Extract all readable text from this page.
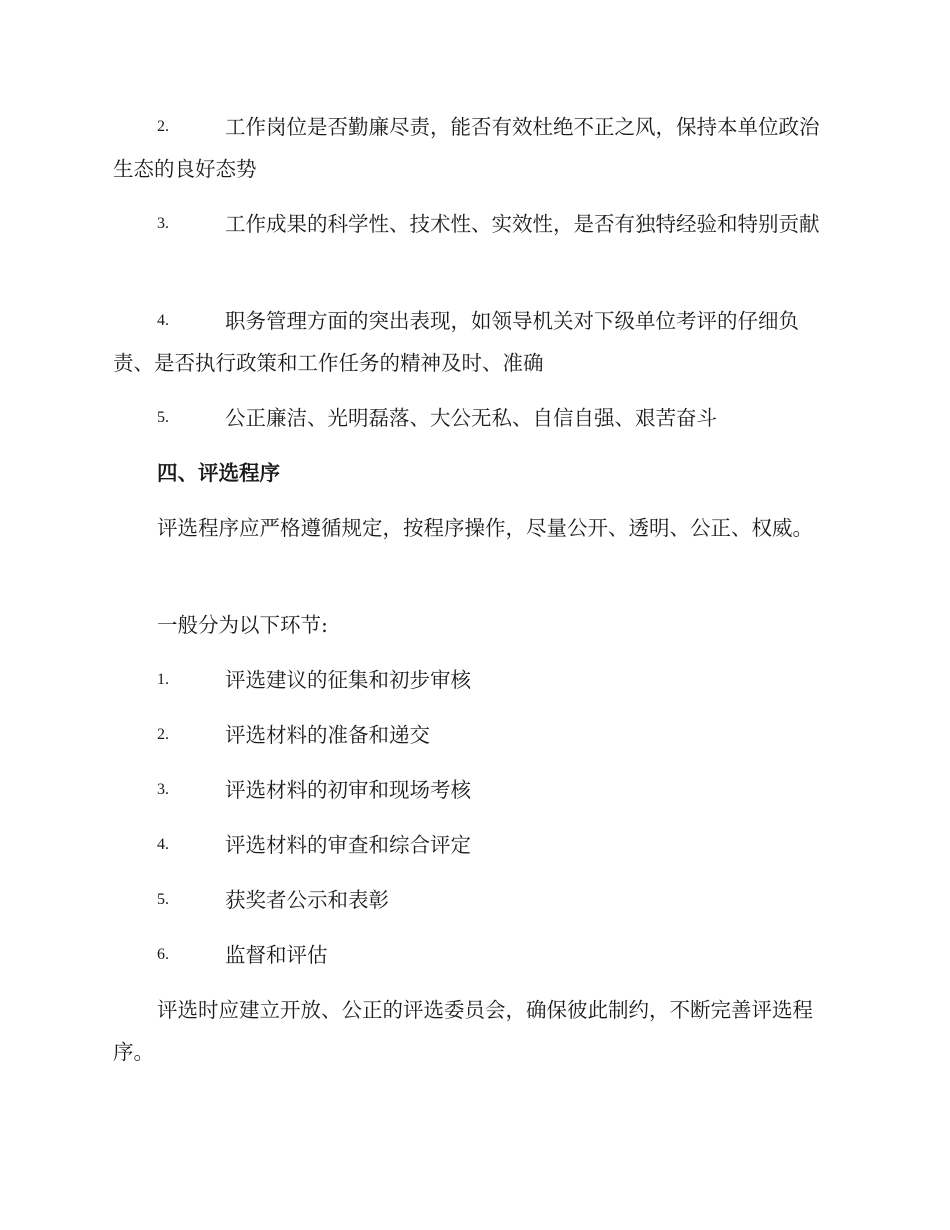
2.	工作岗位是否勤廉尽责，能否有效杜绝不正之风，保持本单位政治生态的良好态势

3.	工作成果的科学性、技术性、实效性，是否有独特经验和特别贡献

4.	职务管理方面的突出表现，如领导机关对下级单位考评的仔细负责、是否执行政策和工作任务的精神及时、准确

5.	公正廉洁、光明磊落、大公无私、自信自强、艰苦奋斗

四、评选程序

评选程序应严格遵循规定，按程序操作，尽量公开、透明、公正、权威。

一般分为以下环节:

1.	评选建议的征集和初步审核

2.	评选材料的准备和递交

3.	评选材料的初审和现场考核

4.	评选材料的审查和综合评定

5.	获奖者公示和表彰

6.	监督和评估

评选时应建立开放、公正的评选委员会，确保彼此制约，不断完善评选程序。
